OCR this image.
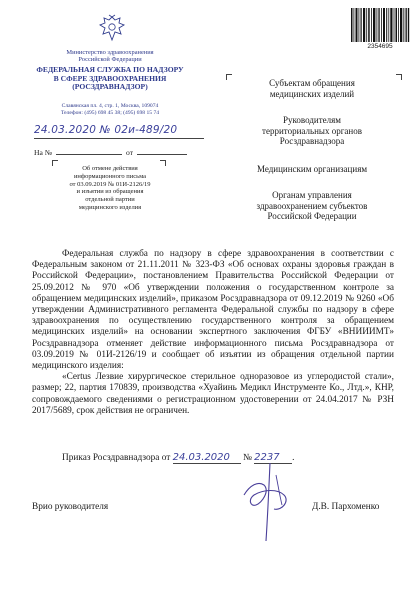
Министерство здравоохранения
Российской Федерации
ФЕДЕРАЛЬНАЯ СЛУЖБА ПО НАДЗОРУ
В СФЕРЕ ЗДРАВООХРАНЕНИЯ
(РОСЗДРАВНАДЗОР)
Славянская пл. 4, стр. 1, Москва, 109074
Телефон: (495) 698 45 38; (495) 698 15 74
24.03.2020 № 02и-489/20
На №	от
Об отмене действия
информационного письма
от 03.09.2019 № 01И-2126/19
и изъятии из обращения
отдельной партии
медицинского изделия
2354695
Субъектам обращения
медицинских изделий
Руководителям
территориальных органов
Росздравнадзора
Медицинским организациям
Органам управления
здравоохранением субъектов
Российской Федерации

Федеральная служба по надзору в сфере здравоохранения в соответствии с Федеральным законом от 21.11.2011 № 323-ФЗ «Об основах охраны здоровья граждан в Российской Федерации», постановлением Правительства Российской Федерации от 25.09.2012 № 970 «Об утверждении положения о государственном контроле за обращением медицинских изделий», приказом Росздравнадзора от 09.12.2019 № 9260 «Об утверждении Административного регламента Федеральной службы по надзору в сфере здравоохранения по осуществлению государственного контроля за обращением медицинских изделий» на основании экспертного заключения ФГБУ «ВНИИИМТ» Росздравнадзора отменяет действие информационного письма Росздравнадзора от 03.09.2019 № 01И-2126/19 и сообщает об изъятии из обращения отдельной партии медицинского изделия:

«Certus Лезвие хирургическое стерильное одноразовое из углеродистой стали», размер; 22, партия 170839, производства «Хуайинь Медикл Инструменте Ко., Лтд.», КНР, сопровождаемого сведениями о регистрационном удостоверении от 24.04.2017 № РЗН 2017/5689, срок действия не ограничен.

Приказ Росздравнадзора от 24.03.2020 № 2237 .
Врио руководителя	Д.В. Пархоменко
